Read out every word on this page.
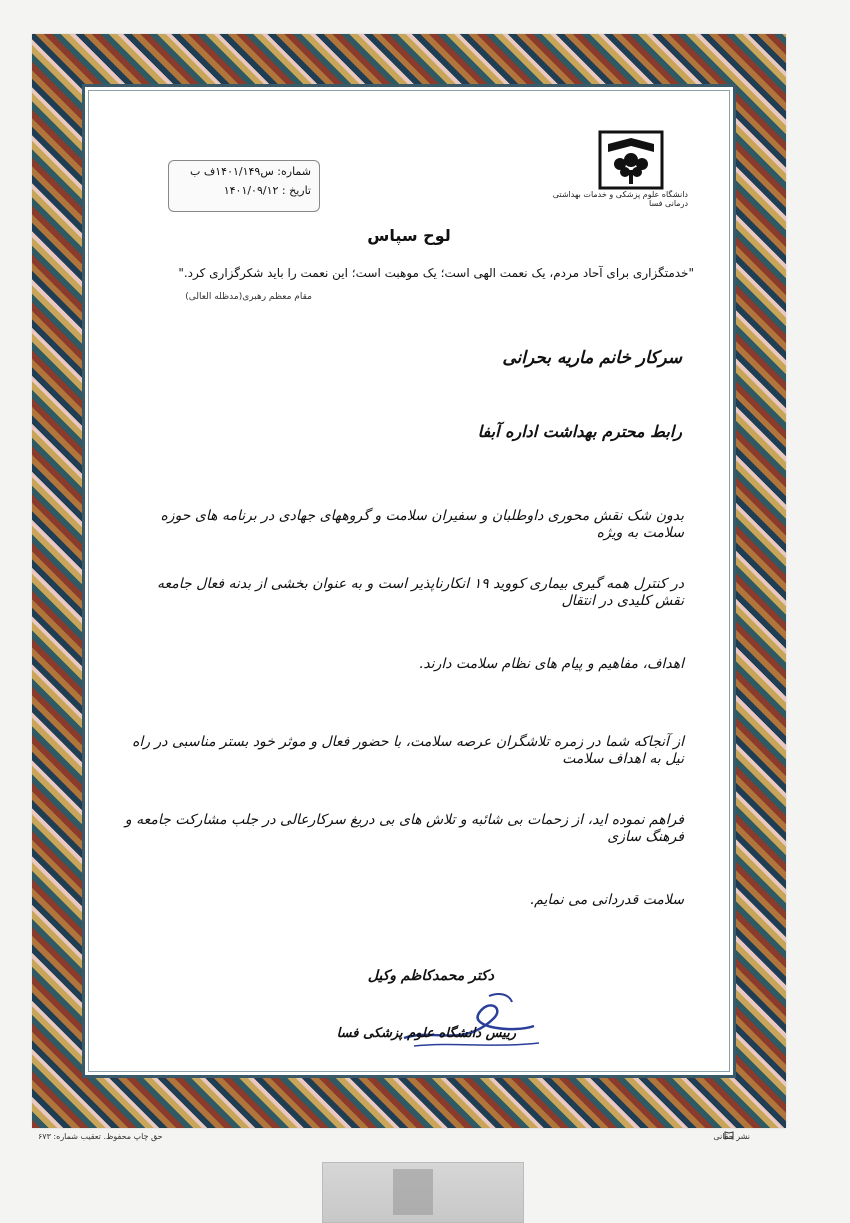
دانشگاه علوم پزشکی و خدمات بهداشتی درمانی فسا
شماره: س۱۴۰۱/۱۴۹ف ب
تاریخ : ۱۴۰۱/۰۹/۱۲
لوح سپاس
"خدمتگزاری برای آحاد مردم، یک نعمت الهی است؛ یک موهبت است؛ این نعمت را باید شکرگزاری کرد."
مقام معظم رهبری(مدظله العالی)
سرکار خانم ماریه بحرانی
رابط محترم بهداشت اداره آبفا
بدون شک نقش محوری داوطلبان و سفیران سلامت و گروههای جهادی در برنامه های حوزه سلامت به ویژه
در کنترل همه گیری بیماری کووید ۱۹ انکارناپذیر است و به عنوان بخشی از بدنه فعال جامعه نقش کلیدی در انتقال
اهداف، مفاهیم و پیام های نظام سلامت دارند.
از آنجاکه شما در زمره تلاشگران عرصه سلامت، با حضور فعال و موثر خود بستر مناسبی در راه نیل به اهداف سلامت
فراهم نموده اید، از زحمات بی شائبه و تلاش های بی دریغ سرکارعالی در جلب مشارکت جامعه و فرهنگ سازی
سلامت قدردانی می نمایم.
دکتر محمدکاظم وکیل
رییس دانشگاه علوم پزشکی فسا
حق چاپ محفوظ. تعقیب شماره: ۶۷۳	نشر حقانی
